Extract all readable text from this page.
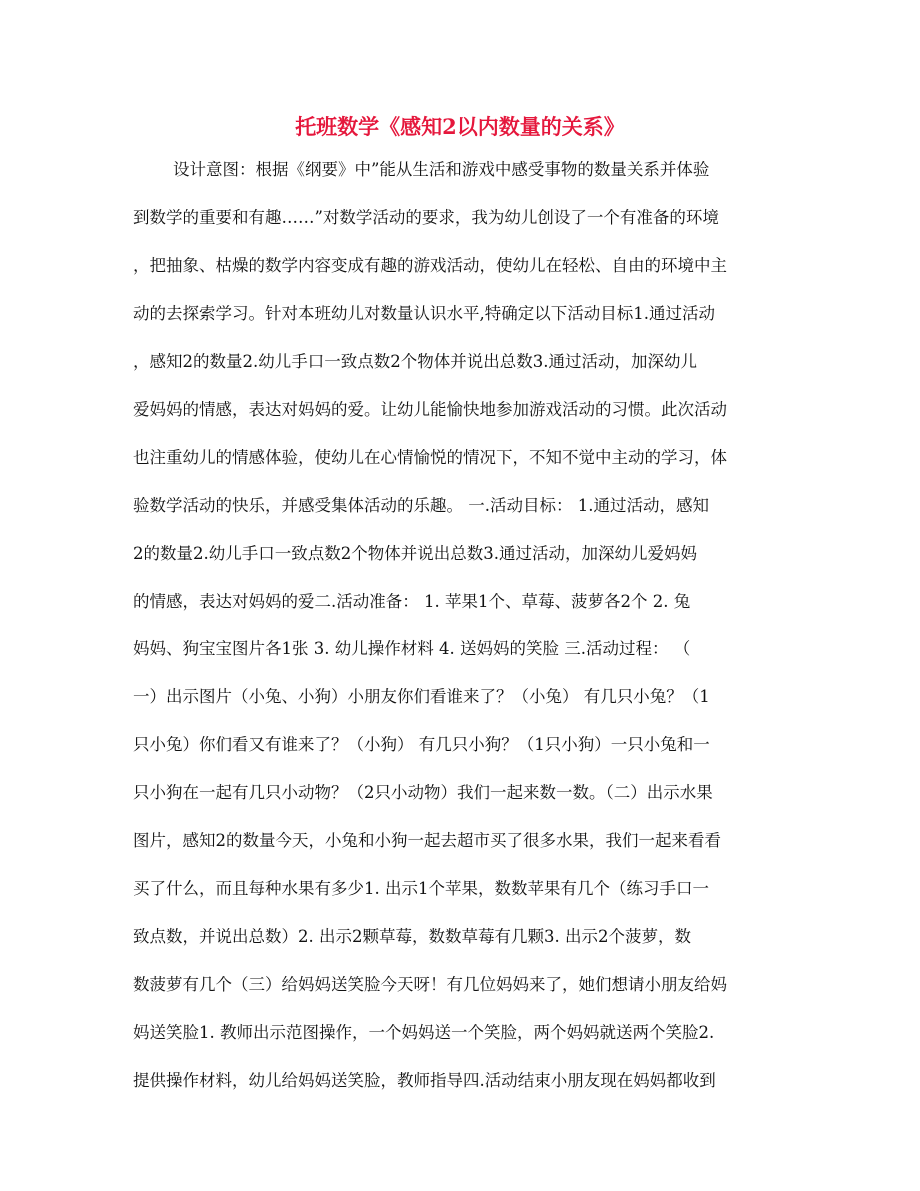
托班数学《感知2以内数量的关系》
设计意图：根据《纲要》中”能从生活和游戏中感受事物的数量关系并体验
到数学的重要和有趣……”对数学活动的要求，我为幼儿创设了一个有准备的环境
，把抽象、枯燥的数学内容变成有趣的游戏活动，使幼儿在轻松、自由的环境中主
动的去探索学习。针对本班幼儿对数量认识水平,特确定以下活动目标1.通过活动
，感知2的数量2.幼儿手口一致点数2个物体并说出总数3.通过活动，加深幼儿
爱妈妈的情感，表达对妈妈的爱。让幼儿能愉快地参加游戏活动的习惯。此次活动
也注重幼儿的情感体验，使幼儿在心情愉悦的情况下，不知不觉中主动的学习，体
验数学活动的快乐，并感受集体活动的乐趣。 一.活动目标： 1.通过活动，感知
2的数量2.幼儿手口一致点数2个物体并说出总数3.通过活动，加深幼儿爱妈妈
的情感，表达对妈妈的爱二.活动准备： 1. 苹果1个、草莓、菠萝各2个 2. 兔
妈妈、狗宝宝图片各1张 3. 幼儿操作材料 4. 送妈妈的笑脸 三.活动过程： （
一）出示图片（小兔、小狗）小朋友你们看谁来了？（小兔） 有几只小兔？（1
只小兔）你们看又有谁来了？（小狗） 有几只小狗？（1只小狗）一只小兔和一
只小狗在一起有几只小动物？（2只小动物）我们一起来数一数。（二）出示水果
图片，感知2的数量今天，小兔和小狗一起去超市买了很多水果，我们一起来看看
买了什么，而且每种水果有多少1. 出示1个苹果，数数苹果有几个（练习手口一
致点数，并说出总数）2. 出示2颗草莓，数数草莓有几颗3. 出示2个菠萝，数
数菠萝有几个（三）给妈妈送笑脸今天呀！有几位妈妈来了，她们想请小朋友给妈
妈送笑脸1. 教师出示范图操作，一个妈妈送一个笑脸，两个妈妈就送两个笑脸2.
提供操作材料，幼儿给妈妈送笑脸，教师指导四.活动结束小朋友现在妈妈都收到
